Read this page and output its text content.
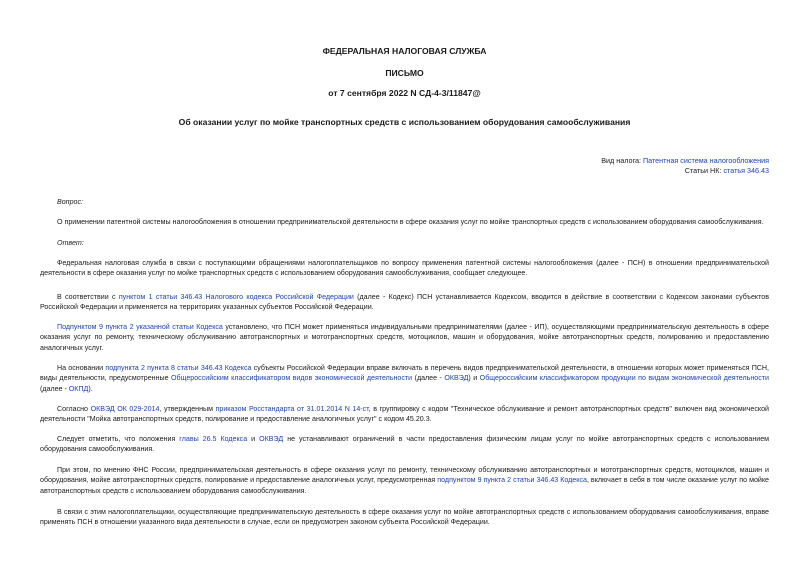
ФЕДЕРАЛЬНАЯ НАЛОГОВАЯ СЛУЖБА
ПИСЬМО
от 7 сентября 2022 N СД-4-3/11847@
Об оказании услуг по мойке транспортных средств с использованием оборудования самообслуживания
Вид налога: Патентная система налогообложения
Статьи НК: статья 346.43
Вопрос:
О применении патентной системы налогообложения в отношении предпринимательской деятельности в сфере оказания услуг по мойке транспортных средств с использованием оборудования самообслуживания.
Ответ:
Федеральная налоговая служба в связи с поступающими обращениями налогоплательщиков по вопросу применения патентной системы налогообложения (далее - ПСН) в отношении предпринимательской деятельности в сфере оказания услуг по мойке транспортных средств с использованием оборудования самообслуживания, сообщает следующее.
В соответствии с пунктом 1 статьи 346.43 Налогового кодекса Российской Федерации (далее - Кодекс) ПСН устанавливается Кодексом, вводится в действие в соответствии с Кодексом законами субъектов Российской Федерации и применяется на территориях указанных субъектов Российской Федерации.
Подпунктом 9 пункта 2 указанной статьи Кодекса установлено, что ПСН может применяться индивидуальными предпринимателями (далее - ИП), осуществляющими предпринимательскую деятельность в сфере оказания услуг по ремонту, техническому обслуживанию автотранспортных и мототранспортных средств, мотоциклов, машин и оборудования, мойке автотранспортных средств, полированию и предоставлению аналогичных услуг.
На основании подпункта 2 пункта 8 статьи 346.43 Кодекса субъекты Российской Федерации вправе включать в перечень видов предпринимательской деятельности, в отношении которых может применяться ПСН, виды деятельности, предусмотренные Общероссийским классификатором видов экономической деятельности (далее - ОКВЭД) и Общероссийским классификатором продукции по видам экономической деятельности (далее - ОКПД).
Согласно ОКВЭД ОК 029-2014, утвержденным приказом Росстандарта от 31.01.2014 N 14-ст, в группировку с кодом "Техническое обслуживание и ремонт автотранспортных средств" включен вид экономической деятельности "Мойка автотранспортных средств, полирование и предоставление аналогичных услуг" с кодом 45.20.3.
Следует отметить, что положения главы 26.5 Кодекса и ОКВЭД не устанавливают ограничений в части предоставления физическим лицам услуг по мойке автотранспортных средств с использованием оборудования самообслуживания.
При этом, по мнению ФНС России, предпринимательская деятельность в сфере оказания услуг по ремонту, техническому обслуживанию автотранспортных и мототранспортных средств, мотоциклов, машин и оборудования, мойке автотранспортных средств, полирование и предоставление аналогичных услуг, предусмотренная подпунктом 9 пункта 2 статьи 346.43 Кодекса, включает в себя в том числе оказание услуг по мойке автотранспортных средств с использованием оборудования самообслуживания.
В связи с этим налогоплательщики, осуществляющие предпринимательскую деятельность в сфере оказания услуг по мойке автотранспортных средств с использованием оборудования самообслуживания, вправе применять ПСН в отношении указанного вида деятельности в случае, если он предусмотрен законом субъекта Российской Федерации.
